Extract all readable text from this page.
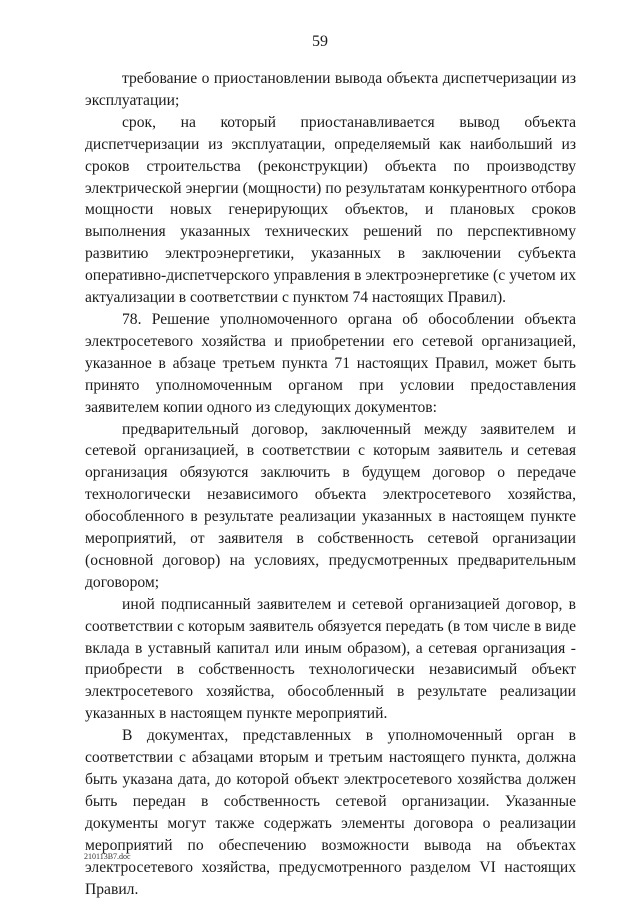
59

требование о приостановлении вывода объекта диспетчеризации из эксплуатации;

срок, на который приостанавливается вывод объекта диспетчеризации из эксплуатации, определяемый как наибольший из сроков строительства (реконструкции) объекта по производству электрической энергии (мощности) по результатам конкурентного отбора мощности новых генерирующих объектов, и плановых сроков выполнения указанных технических решений по перспективному развитию электроэнергетики, указанных в заключении субъекта оперативно-диспетчерского управления в электроэнергетике (с учетом их актуализации в соответствии с пунктом 74 настоящих Правил).

78. Решение уполномоченного органа об обособлении объекта электросетевого хозяйства и приобретении его сетевой организацией, указанное в абзаце третьем пункта 71 настоящих Правил, может быть принято уполномоченным органом при условии предоставления заявителем копии одного из следующих документов:

предварительный договор, заключенный между заявителем и сетевой организацией, в соответствии с которым заявитель и сетевая организация обязуются заключить в будущем договор о передаче технологически независимого объекта электросетевого хозяйства, обособленного в результате реализации указанных в настоящем пункте мероприятий, от заявителя в собственность сетевой организации (основной договор) на условиях, предусмотренных предварительным договором;

иной подписанный заявителем и сетевой организацией договор, в соответствии с которым заявитель обязуется передать (в том числе в виде вклада в уставный капитал или иным образом), а сетевая организация - приобрести в собственность технологически независимый объект электросетевого хозяйства, обособленный в результате реализации указанных в настоящем пункте мероприятий.

В документах, представленных в уполномоченный орган в соответствии с абзацами вторым и третьим настоящего пункта, должна быть указана дата, до которой объект электросетевого хозяйства должен быть передан в собственность сетевой организации. Указанные документы могут также содержать элементы договора о реализации мероприятий по обеспечению возможности вывода на объектах электросетевого хозяйства, предусмотренного разделом VI настоящих Правил.

210113В7.doc
